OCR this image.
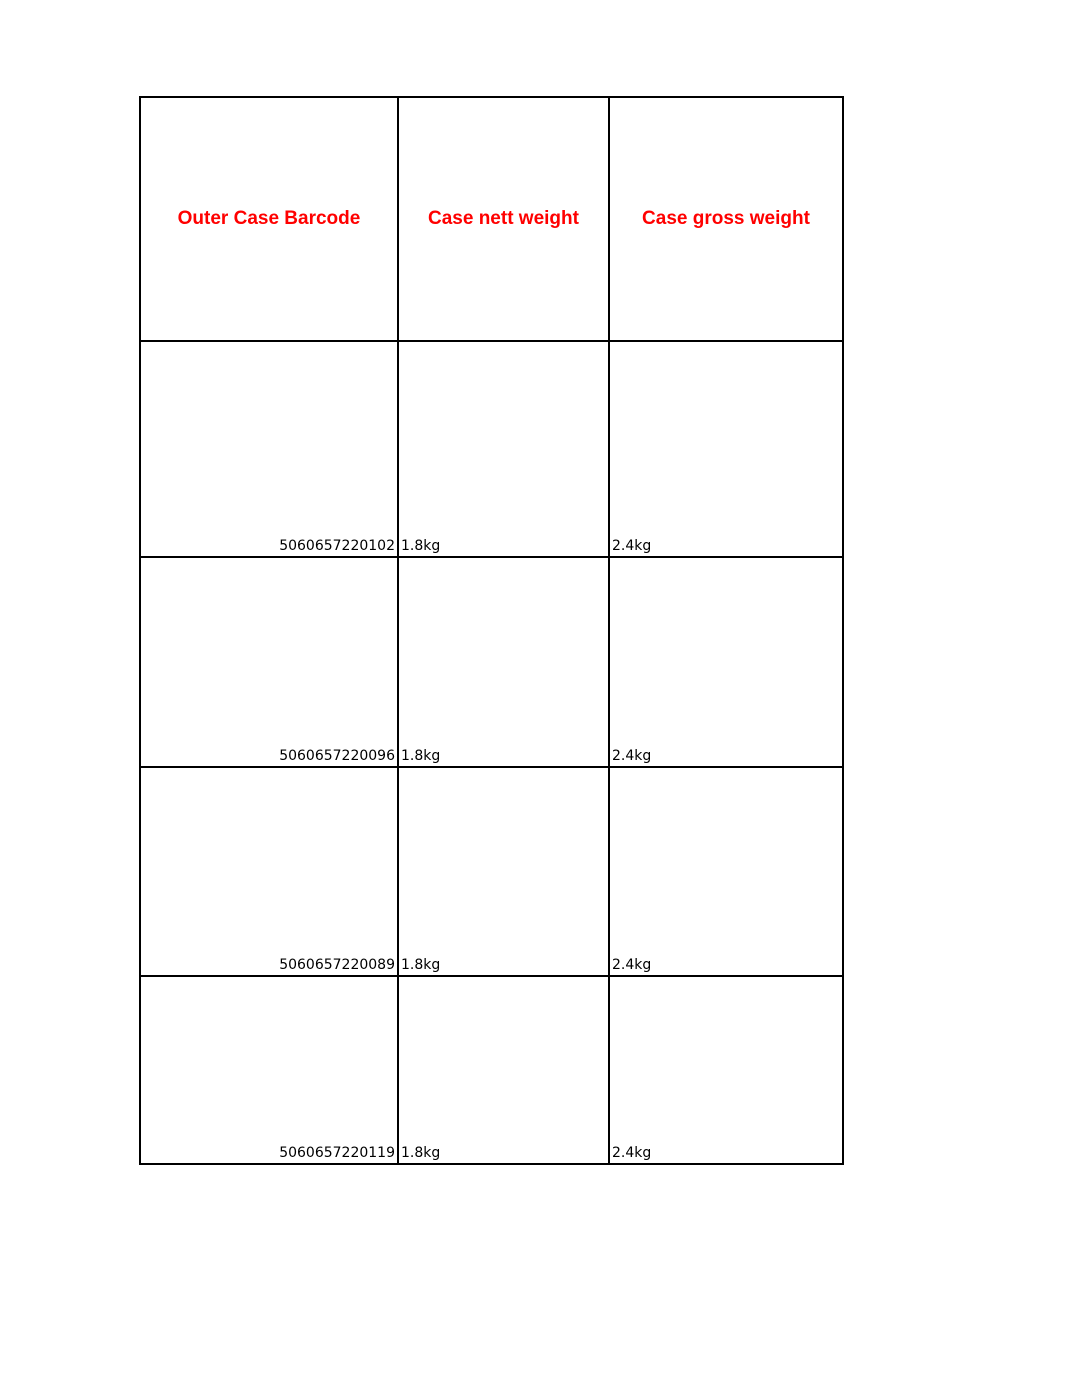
Outer Case Barcode	Case nett weight	Case gross weight
5060657220102	1.8kg	2.4kg
5060657220096	1.8kg	2.4kg
5060657220089	1.8kg	2.4kg
5060657220119	1.8kg	2.4kg
